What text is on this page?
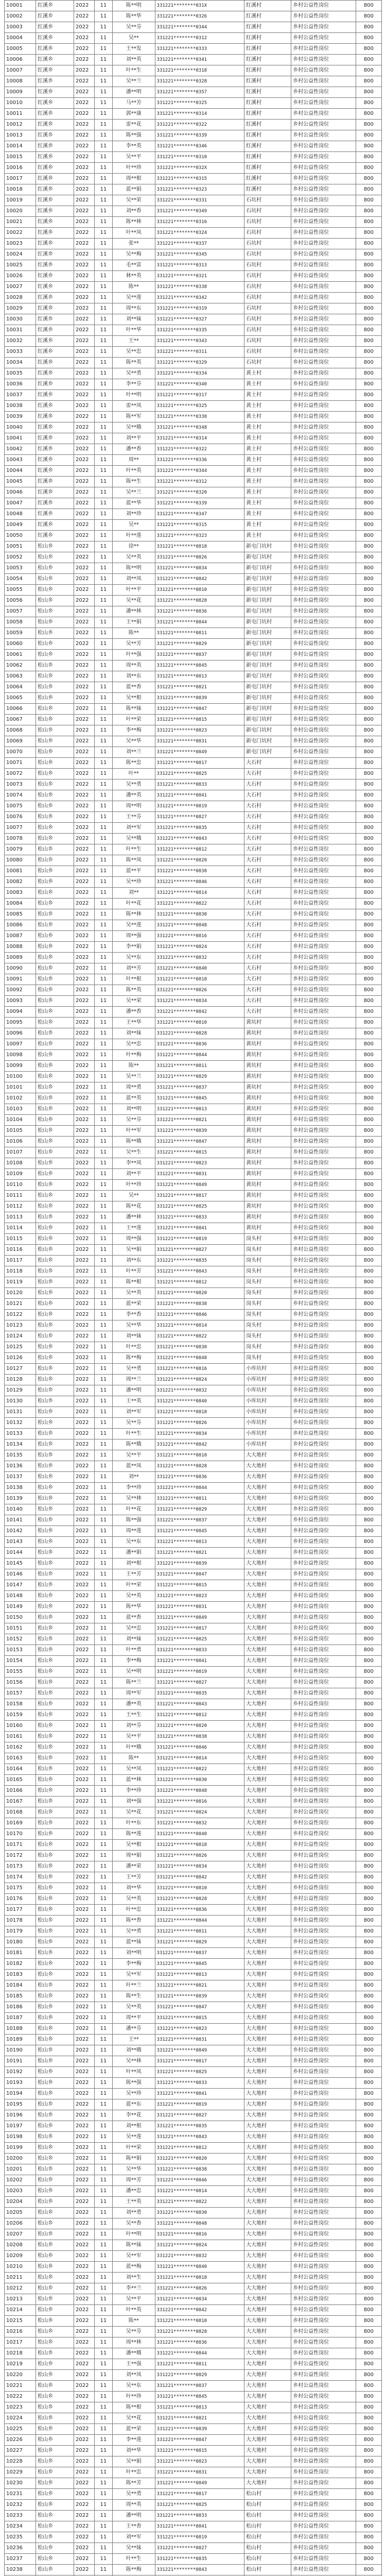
10001	红溪乡	2022	11	陈**明	331221********031X	红溪村	乡村公益性岗位	800
10002	红溪乡	2022	11	陈**华	331221********0326	红溪村	乡村公益性岗位	800
10003	红溪乡	2022	11	吴**芬	331221********0344	红溪村	乡村公益性岗位	800
10004	红溪乡	2022	11	吴**	331221********0312	红溪村	乡村公益性岗位	800
10005	红溪乡	2022	11	王**发	331221********0333	红溪村	乡村公益性岗位	800
10006	红溪乡	2022	11	刘**英	331221********0341	红溪村	乡村公益性岗位	800
10007	红溪乡	2022	11	叶**生	331221********0318	红溪村	乡村公益性岗位	800
10008	红溪乡	2022	11	吴**兰	331221********0328	红溪村	乡村公益性岗位	800
10009	红溪乡	2022	11	潘**明	331221********0357	红溪村	乡村公益性岗位	800
10010	红溪乡	2022	11	马**芳	331221********0325	红溪村	乡村公益性岗位	800
10011	红溪乡	2022	11	郭**康	331221********0314	红溪村	乡村公益性岗位	800
10012	红溪乡	2022	11	雷**花	331221********0322	红溪村	乡村公益性岗位	800
10013	红溪乡	2022	11	陈**强	331221********0339	红溪村	乡村公益性岗位	800
10014	红溪乡	2022	11	李**英	331221********0346	红溪村	乡村公益性岗位	800
10015	红溪乡	2022	11	吴**平	331221********0310	红溪村	乡村公益性岗位	800
10016	红溪乡	2022	11	叶**珍	331221********032X	红溪村	乡村公益性岗位	800
10017	红溪乡	2022	11	周**根	331221********0315	红溪村	乡村公益性岗位	800
10018	红溪乡	2022	11	蓝**娟	331221********0323	红溪村	乡村公益性岗位	800
10019	红溪乡	2022	11	吴**荣	331221********0331	石坑村	乡村公益性岗位	800
10020	红溪乡	2022	11	刘**香	331221********0349	石坑村	乡村公益性岗位	800
10021	红溪乡	2022	11	陈**林	331221********0316	石坑村	乡村公益性岗位	800
10022	红溪乡	2022	11	叶**凤	331221********0324	石坑村	乡村公益性岗位	800
10023	红溪乡	2022	11	张**	331221********0337	石坑村	乡村公益性岗位	800
10024	红溪乡	2022	11	吴**梅	331221********0345	石坑村	乡村公益性岗位	800
10025	红溪乡	2022	11	毛**富	331221********0313	石坑村	乡村公益性岗位	800
10026	红溪乡	2022	11	林**英	331221********0321	石坑村	乡村公益性岗位	800
10027	红溪乡	2022	11	陈**	331221********0338	石坑村	乡村公益性岗位	800
10028	红溪乡	2022	11	吴**莲	331221********0342	石坑村	乡村公益性岗位	800
10029	红溪乡	2022	11	周**东	331221********0319	石坑村	乡村公益性岗位	800
10030	红溪乡	2022	11	刘**妹	331221********0327	石坑村	乡村公益性岗位	800
10031	红溪乡	2022	11	叶**华	331221********0335	石坑村	乡村公益性岗位	800
10032	红溪乡	2022	11	王**	331221********0343	石坑村	乡村公益性岗位	800
10033	红溪乡	2022	11	吴**忠	331221********0311	石坑村	乡村公益性岗位	800
10034	红溪乡	2022	11	陈**英	331221********0329	石坑村	乡村公益性岗位	800
10035	红溪乡	2022	11	吴**勇	331221********0334	黄土村	乡村公益性岗位	800
10036	红溪乡	2022	11	李**芬	331221********0340	黄土村	乡村公益性岗位	800
10037	红溪乡	2022	11	叶**明	331221********0317	黄土村	乡村公益性岗位	800
10038	红溪乡	2022	11	雷**凤	331221********0325	黄土村	乡村公益性岗位	800
10039	红溪乡	2022	11	陈**军	331221********0330	黄土村	乡村公益性岗位	800
10040	红溪乡	2022	11	吴**娥	331221********0348	黄土村	乡村公益性岗位	800
10041	红溪乡	2022	11	刘**平	331221********0314	黄土村	乡村公益性岗位	800
10042	红溪乡	2022	11	潘**香	331221********0322	黄土村	乡村公益性岗位	800
10043	红溪乡	2022	11	周**	331221********0336	黄土村	乡村公益性岗位	800
10044	红溪乡	2022	11	叶**英	331221********0344	黄土村	乡村公益性岗位	800
10045	红溪乡	2022	11	陈**生	331221********0312	黄土村	乡村公益性岗位	800
10046	红溪乡	2022	11	吴**兰	331221********0320	黄土村	乡村公益性岗位	800
10047	红溪乡	2022	11	蓝**华	331221********0339	黄土村	乡村公益性岗位	800
10048	红溪乡	2022	11	刘**珍	331221********0347	黄土村	乡村公益性岗位	800
10049	红溪乡	2022	11	吴**	331221********0315	黄土村	乡村公益性岗位	800
10050	红溪乡	2022	11	叶**莲	331221********0323	黄土村	乡村公益性岗位	800
10051	松山乡	2022	11	徐**	331221********0818	新屯门坑村	乡村公益性岗位	800
10052	松山乡	2022	11	吴**英	331221********0826	新屯门坑村	乡村公益性岗位	800
10053	松山乡	2022	11	陈**明	331221********0834	新屯门坑村	乡村公益性岗位	800
10054	松山乡	2022	11	刘**凤	331221********0842	新屯门坑村	乡村公益性岗位	800
10055	松山乡	2022	11	叶**平	331221********0810	新屯门坑村	乡村公益性岗位	800
10056	松山乡	2022	11	吴**花	331221********0828	新屯门坑村	乡村公益性岗位	800
10057	松山乡	2022	11	潘**林	331221********0836	新屯门坑村	乡村公益性岗位	800
10058	松山乡	2022	11	王**娟	331221********0844	新屯门坑村	乡村公益性岗位	800
10059	松山乡	2022	11	陈**	331221********0811	新屯门坑村	乡村公益性岗位	800
10060	松山乡	2022	11	吴**芳	331221********0829	新屯门坑村	乡村公益性岗位	800
10061	松山乡	2022	11	叶**强	331221********0837	新屯门坑村	乡村公益性岗位	800
10062	松山乡	2022	11	周**英	331221********0845	新屯门坑村	乡村公益性岗位	800
10063	松山乡	2022	11	刘**东	331221********0813	新屯门坑村	乡村公益性岗位	800
10064	松山乡	2022	11	蓝**香	331221********0821	新屯门坑村	乡村公益性岗位	800
10065	松山乡	2022	11	吴**根	331221********0839	新屯门坑村	乡村公益性岗位	800
10066	松山乡	2022	11	陈**妹	331221********0847	新屯门坑村	乡村公益性岗位	800
10067	松山乡	2022	11	叶**荣	331221********0815	新屯门坑村	乡村公益性岗位	800
10068	松山乡	2022	11	李**梅	331221********0823	新屯门坑村	乡村公益性岗位	800
10069	松山乡	2022	11	吴**华	331221********0831	新屯门坑村	乡村公益性岗位	800
10070	松山乡	2022	11	刘**兰	331221********0849	新屯门坑村	乡村公益性岗位	800
10071	松山乡	2022	11	陈**忠	331221********0817	大石村	乡村公益性岗位	800
10072	松山乡	2022	11	叶**	331221********0825	大石村	乡村公益性岗位	800
10073	松山乡	2022	11	吴**勇	331221********0833	大石村	乡村公益性岗位	800
10074	松山乡	2022	11	潘**英	331221********0841	大石村	乡村公益性岗位	800
10075	松山乡	2022	11	周**明	331221********0819	大石村	乡村公益性岗位	800
10076	松山乡	2022	11	王**芬	331221********0827	大石村	乡村公益性岗位	800
10077	松山乡	2022	11	刘**军	331221********0835	大石村	乡村公益性岗位	800
10078	松山乡	2022	11	吴**娥	331221********0843	大石村	乡村公益性岗位	800
10079	松山乡	2022	11	叶**生	331221********0812	大石村	乡村公益性岗位	800
10080	松山乡	2022	11	陈**凤	331221********0820	大石村	乡村公益性岗位	800
10081	松山乡	2022	11	蓝**平	331221********0838	大石村	乡村公益性岗位	800
10082	松山乡	2022	11	吴**珍	331221********0846	大石村	乡村公益性岗位	800
10083	松山乡	2022	11	刘**	331221********0814	大石村	乡村公益性岗位	800
10084	松山乡	2022	11	叶**花	331221********0822	大石村	乡村公益性岗位	800
10085	松山乡	2022	11	陈**林	331221********0830	大石村	乡村公益性岗位	800
10086	松山乡	2022	11	吴**莲	331221********0848	大石村	乡村公益性岗位	800
10087	松山乡	2022	11	周**强	331221********0816	大石村	乡村公益性岗位	800
10088	松山乡	2022	11	李**娟	331221********0824	大石村	乡村公益性岗位	800
10089	松山乡	2022	11	吴**东	331221********0832	大石村	乡村公益性岗位	800
10090	松山乡	2022	11	刘**芳	331221********0840	大石村	乡村公益性岗位	800
10091	松山乡	2022	11	叶**根	331221********0818	大石村	乡村公益性岗位	800
10092	松山乡	2022	11	陈**英	331221********0826	大石村	乡村公益性岗位	800
10093	松山乡	2022	11	吴**荣	331221********0834	大石村	乡村公益性岗位	800
10094	松山乡	2022	11	潘**香	331221********0842	大石村	乡村公益性岗位	800
10095	松山乡	2022	11	王**华	331221********0810	黄坑村	乡村公益性岗位	800
10096	松山乡	2022	11	刘**妹	331221********0828	黄坑村	乡村公益性岗位	800
10097	松山乡	2022	11	吴**忠	331221********0836	黄坑村	乡村公益性岗位	800
10098	松山乡	2022	11	叶**梅	331221********0844	黄坑村	乡村公益性岗位	800
10099	松山乡	2022	11	陈**	331221********0811	黄坑村	乡村公益性岗位	800
10100	松山乡	2022	11	吴**兰	331221********0829	黄坑村	乡村公益性岗位	800
10101	松山乡	2022	11	周**勇	331221********0837	黄坑村	乡村公益性岗位	800
10102	松山乡	2022	11	蓝**英	331221********0845	黄坑村	乡村公益性岗位	800
10103	松山乡	2022	11	刘**明	331221********0813	黄坑村	乡村公益性岗位	800
10104	松山乡	2022	11	吴**芬	331221********0821	黄坑村	乡村公益性岗位	800
10105	松山乡	2022	11	叶**军	331221********0839	黄坑村	乡村公益性岗位	800
10106	松山乡	2022	11	陈**娥	331221********0847	黄坑村	乡村公益性岗位	800
10107	松山乡	2022	11	吴**生	331221********0815	黄坑村	乡村公益性岗位	800
10108	松山乡	2022	11	李**凤	331221********0823	黄坑村	乡村公益性岗位	800
10109	松山乡	2022	11	刘**平	331221********0831	黄坑村	乡村公益性岗位	800
10110	松山乡	2022	11	叶**珍	331221********0849	黄坑村	乡村公益性岗位	800
10111	松山乡	2022	11	吴**	331221********0817	黄坑村	乡村公益性岗位	800
10112	松山乡	2022	11	陈**花	331221********0825	黄坑村	乡村公益性岗位	800
10113	松山乡	2022	11	潘**林	331221********0833	黄坑村	乡村公益性岗位	800
10114	松山乡	2022	11	王**莲	331221********0841	黄坑村	乡村公益性岗位	800
10115	松山乡	2022	11	周**强	331221********0819	岗头村	乡村公益性岗位	800
10116	松山乡	2022	11	吴**娟	331221********0827	岗头村	乡村公益性岗位	800
10117	松山乡	2022	11	刘**东	331221********0835	岗头村	乡村公益性岗位	800
10118	松山乡	2022	11	叶**芳	331221********0843	岗头村	乡村公益性岗位	800
10119	松山乡	2022	11	陈**根	331221********0812	岗头村	乡村公益性岗位	800
10120	松山乡	2022	11	吴**英	331221********0820	岗头村	乡村公益性岗位	800
10121	松山乡	2022	11	蓝**荣	331221********0838	岗头村	乡村公益性岗位	800
10122	松山乡	2022	11	李**香	331221********0846	岗头村	乡村公益性岗位	800
10123	松山乡	2022	11	吴**华	331221********0814	岗头村	乡村公益性岗位	800
10124	松山乡	2022	11	刘**妹	331221********0822	岗头村	乡村公益性岗位	800
10125	松山乡	2022	11	叶**忠	331221********0830	岗头村	乡村公益性岗位	800
10126	松山乡	2022	11	陈**梅	331221********0848	岗头村	乡村公益性岗位	800
10127	松山乡	2022	11	吴**勇	331221********0816	小库坑村	乡村公益性岗位	800
10128	松山乡	2022	11	周**兰	331221********0824	小库坑村	乡村公益性岗位	800
10129	松山乡	2022	11	潘**明	331221********0832	小库坑村	乡村公益性岗位	800
10130	松山乡	2022	11	王**英	331221********0840	小库坑村	乡村公益性岗位	800
10131	松山乡	2022	11	刘**军	331221********0818	小库坑村	乡村公益性岗位	800
10132	松山乡	2022	11	吴**芬	331221********0826	小库坑村	乡村公益性岗位	800
10133	松山乡	2022	11	叶**生	331221********0834	小库坑村	乡村公益性岗位	800
10134	松山乡	2022	11	陈**娥	331221********0842	小库坑村	乡村公益性岗位	800
10135	松山乡	2022	11	吴**平	331221********0810	大大地村	乡村公益性岗位	800
10136	松山乡	2022	11	蓝**凤	331221********0828	大大地村	乡村公益性岗位	800
10137	松山乡	2022	11	刘**	331221********0836	大大地村	乡村公益性岗位	800
10138	松山乡	2022	11	李**珍	331221********0844	大大地村	乡村公益性岗位	800
10139	松山乡	2022	11	吴**林	331221********0811	大大地村	乡村公益性岗位	800
10140	松山乡	2022	11	叶**花	331221********0829	大大地村	乡村公益性岗位	800
10141	松山乡	2022	11	陈**强	331221********0837	大大地村	乡村公益性岗位	800
10142	松山乡	2022	11	周**莲	331221********0845	大大地村	乡村公益性岗位	800
10143	松山乡	2022	11	吴**东	331221********0813	大大地村	乡村公益性岗位	800
10144	松山乡	2022	11	潘**娟	331221********0821	大大地村	乡村公益性岗位	800
10145	松山乡	2022	11	刘**根	331221********0839	大大地村	乡村公益性岗位	800
10146	松山乡	2022	11	王**芳	331221********0847	大大地村	乡村公益性岗位	800
10147	松山乡	2022	11	叶**荣	331221********0815	大大地村	乡村公益性岗位	800
10148	松山乡	2022	11	吴**英	331221********0823	大大地村	乡村公益性岗位	800
10149	松山乡	2022	11	陈**华	331221********0831	大大地村	乡村公益性岗位	800
10150	松山乡	2022	11	蓝**香	331221********0849	大大地村	乡村公益性岗位	800
10151	松山乡	2022	11	吴**忠	331221********0817	大大地村	乡村公益性岗位	800
10152	松山乡	2022	11	刘**妹	331221********0825	大大地村	乡村公益性岗位	800
10153	松山乡	2022	11	叶**勇	331221********0833	大大地村	乡村公益性岗位	800
10154	松山乡	2022	11	李**梅	331221********0841	大大地村	乡村公益性岗位	800
10155	松山乡	2022	11	吴**明	331221********0819	大大地村	乡村公益性岗位	800
10156	松山乡	2022	11	陈**兰	331221********0827	大大地村	乡村公益性岗位	800
10157	松山乡	2022	11	周**军	331221********0835	大大地村	乡村公益性岗位	800
10158	松山乡	2022	11	潘**英	331221********0843	大大地村	乡村公益性岗位	800
10159	松山乡	2022	11	王**生	331221********0812	大大地村	乡村公益性岗位	800
10160	松山乡	2022	11	刘**芬	331221********0820	大大地村	乡村公益性岗位	800
10161	松山乡	2022	11	吴**平	331221********0838	大大地村	乡村公益性岗位	800
10162	松山乡	2022	11	叶**娥	331221********0846	大大地村	乡村公益性岗位	800
10163	松山乡	2022	11	陈**	331221********0814	大大地村	乡村公益性岗位	800
10164	松山乡	2022	11	吴**凤	331221********0822	大大地村	乡村公益性岗位	800
10165	松山乡	2022	11	蓝**林	331221********0830	大大地村	乡村公益性岗位	800
10166	松山乡	2022	11	李**珍	331221********0848	大大地村	乡村公益性岗位	800
10167	松山乡	2022	11	刘**强	331221********0816	大大地村	乡村公益性岗位	800
10168	松山乡	2022	11	吴**花	331221********0824	大大地村	乡村公益性岗位	800
10169	松山乡	2022	11	叶**东	331221********0832	大大地村	乡村公益性岗位	800
10170	松山乡	2022	11	陈**莲	331221********0840	大大地村	乡村公益性岗位	800
10171	松山乡	2022	11	吴**根	331221********0818	大大地村	乡村公益性岗位	800
10172	松山乡	2022	11	周**娟	331221********0826	大大地村	乡村公益性岗位	800
10173	松山乡	2022	11	潘**荣	331221********0834	大大地村	乡村公益性岗位	800
10174	松山乡	2022	11	王**芳	331221********0842	大大地村	乡村公益性岗位	800
10175	松山乡	2022	11	刘**华	331221********0810	大大地村	乡村公益性岗位	800
10176	松山乡	2022	11	吴**英	331221********0828	大大地村	乡村公益性岗位	800
10177	松山乡	2022	11	叶**忠	331221********0836	大大地村	乡村公益性岗位	800
10178	松山乡	2022	11	陈**香	331221********0844	大大地村	乡村公益性岗位	800
10179	松山乡	2022	11	吴**勇	331221********0811	大大地村	乡村公益性岗位	800
10180	松山乡	2022	11	蓝**妹	331221********0829	大大地村	乡村公益性岗位	800
10181	松山乡	2022	11	刘**明	331221********0837	大大地村	乡村公益性岗位	800
10182	松山乡	2022	11	李**梅	331221********0845	大大地村	乡村公益性岗位	800
10183	松山乡	2022	11	吴**军	331221********0813	大大地村	乡村公益性岗位	800
10184	松山乡	2022	11	叶**兰	331221********0821	大大地村	乡村公益性岗位	800
10185	松山乡	2022	11	陈**生	331221********0839	大大地村	乡村公益性岗位	800
10186	松山乡	2022	11	吴**英	331221********0847	大大地村	乡村公益性岗位	800
10187	松山乡	2022	11	周**平	331221********0815	大大地村	乡村公益性岗位	800
10188	松山乡	2022	11	潘**芬	331221********0823	大大地村	乡村公益性岗位	800
10189	松山乡	2022	11	王**	331221********0831	大大地村	乡村公益性岗位	800
10190	松山乡	2022	11	刘**娥	331221********0849	大大地村	乡村公益性岗位	800
10191	松山乡	2022	11	吴**林	331221********0817	大大地村	乡村公益性岗位	800
10192	松山乡	2022	11	叶**凤	331221********0825	大大地村	乡村公益性岗位	800
10193	松山乡	2022	11	陈**强	331221********0833	大大地村	乡村公益性岗位	800
10194	松山乡	2022	11	吴**珍	331221********0841	大大地村	乡村公益性岗位	800
10195	松山乡	2022	11	蓝**东	331221********0819	大大地村	乡村公益性岗位	800
10196	松山乡	2022	11	李**花	331221********0827	大大地村	乡村公益性岗位	800
10197	松山乡	2022	11	刘**根	331221********0835	大大地村	乡村公益性岗位	800
10198	松山乡	2022	11	吴**莲	331221********0843	大大地村	乡村公益性岗位	800
10199	松山乡	2022	11	叶**荣	331221********0812	大大地村	乡村公益性岗位	800
10200	松山乡	2022	11	陈**娟	331221********0820	大大地村	乡村公益性岗位	800
10201	松山乡	2022	11	吴**华	331221********0838	大大地村	乡村公益性岗位	800
10202	松山乡	2022	11	周**芳	331221********0846	大大地村	乡村公益性岗位	800
10203	松山乡	2022	11	潘**忠	331221********0814	大大地村	乡村公益性岗位	800
10204	松山乡	2022	11	王**英	331221********0822	大大地村	乡村公益性岗位	800
10205	松山乡	2022	11	刘**勇	331221********0830	大大地村	乡村公益性岗位	800
10206	松山乡	2022	11	吴**香	331221********0848	大大地村	乡村公益性岗位	800
10207	松山乡	2022	11	叶**明	331221********0816	大大地村	乡村公益性岗位	800
10208	松山乡	2022	11	陈**妹	331221********0824	大大地村	乡村公益性岗位	800
10209	松山乡	2022	11	吴**军	331221********0832	大大地村	乡村公益性岗位	800
10210	松山乡	2022	11	蓝**梅	331221********0840	大大地村	乡村公益性岗位	800
10211	松山乡	2022	11	刘**生	331221********0818	大大地村	乡村公益性岗位	800
10212	松山乡	2022	11	李**兰	331221********0826	大大地村	乡村公益性岗位	800
10213	松山乡	2022	11	吴**平	331221********0834	大大地村	乡村公益性岗位	800
10214	松山乡	2022	11	叶**英	331221********0842	大大地村	乡村公益性岗位	800
10215	松山乡	2022	11	陈**	331221********0810	大大地村	乡村公益性岗位	800
10216	松山乡	2022	11	吴**芬	331221********0828	大大地村	乡村公益性岗位	800
10217	松山乡	2022	11	周**林	331221********0836	大大地村	乡村公益性岗位	800
10218	松山乡	2022	11	潘**娥	331221********0844	大大地村	乡村公益性岗位	800
10219	松山乡	2022	11	王**强	331221********0811	大大地村	乡村公益性岗位	800
10220	松山乡	2022	11	刘**凤	331221********0829	大大地村	乡村公益性岗位	800
10221	松山乡	2022	11	吴**东	331221********0837	大大地村	乡村公益性岗位	800
10222	松山乡	2022	11	叶**珍	331221********0845	大大地村	乡村公益性岗位	800
10223	松山乡	2022	11	陈**根	331221********0813	大大地村	乡村公益性岗位	800
10224	松山乡	2022	11	吴**花	331221********0821	大大地村	乡村公益性岗位	800
10225	松山乡	2022	11	蓝**荣	331221********0839	大大地村	乡村公益性岗位	800
10226	松山乡	2022	11	李**莲	331221********0847	大大地村	乡村公益性岗位	800
10227	松山乡	2022	11	刘**华	331221********0815	大大地村	乡村公益性岗位	800
10228	松山乡	2022	11	吴**娟	331221********0823	大大地村	乡村公益性岗位	800
10229	松山乡	2022	11	叶**忠	331221********0831	大大地村	乡村公益性岗位	800
10230	松山乡	2022	11	陈**芳	331221********0849	大大地村	乡村公益性岗位	800
10231	松山乡	2022	11	吴**勇	331221********0817	松山村	乡村公益性岗位	800
10232	松山乡	2022	11	周**英	331221********0825	松山村	乡村公益性岗位	800
10233	松山乡	2022	11	潘**明	331221********0833	松山村	乡村公益性岗位	800
10234	松山乡	2022	11	王**香	331221********0841	松山村	乡村公益性岗位	800
10235	松山乡	2022	11	刘**军	331221********0819	松山村	乡村公益性岗位	800
10236	松山乡	2022	11	吴**妹	331221********0827	松山村	乡村公益性岗位	800
10237	松山乡	2022	11	叶**生	331221********0835	松山村	乡村公益性岗位	800
10238	松山乡	2022	11	陈**梅	331221********0843	松山村	乡村公益性岗位	800
